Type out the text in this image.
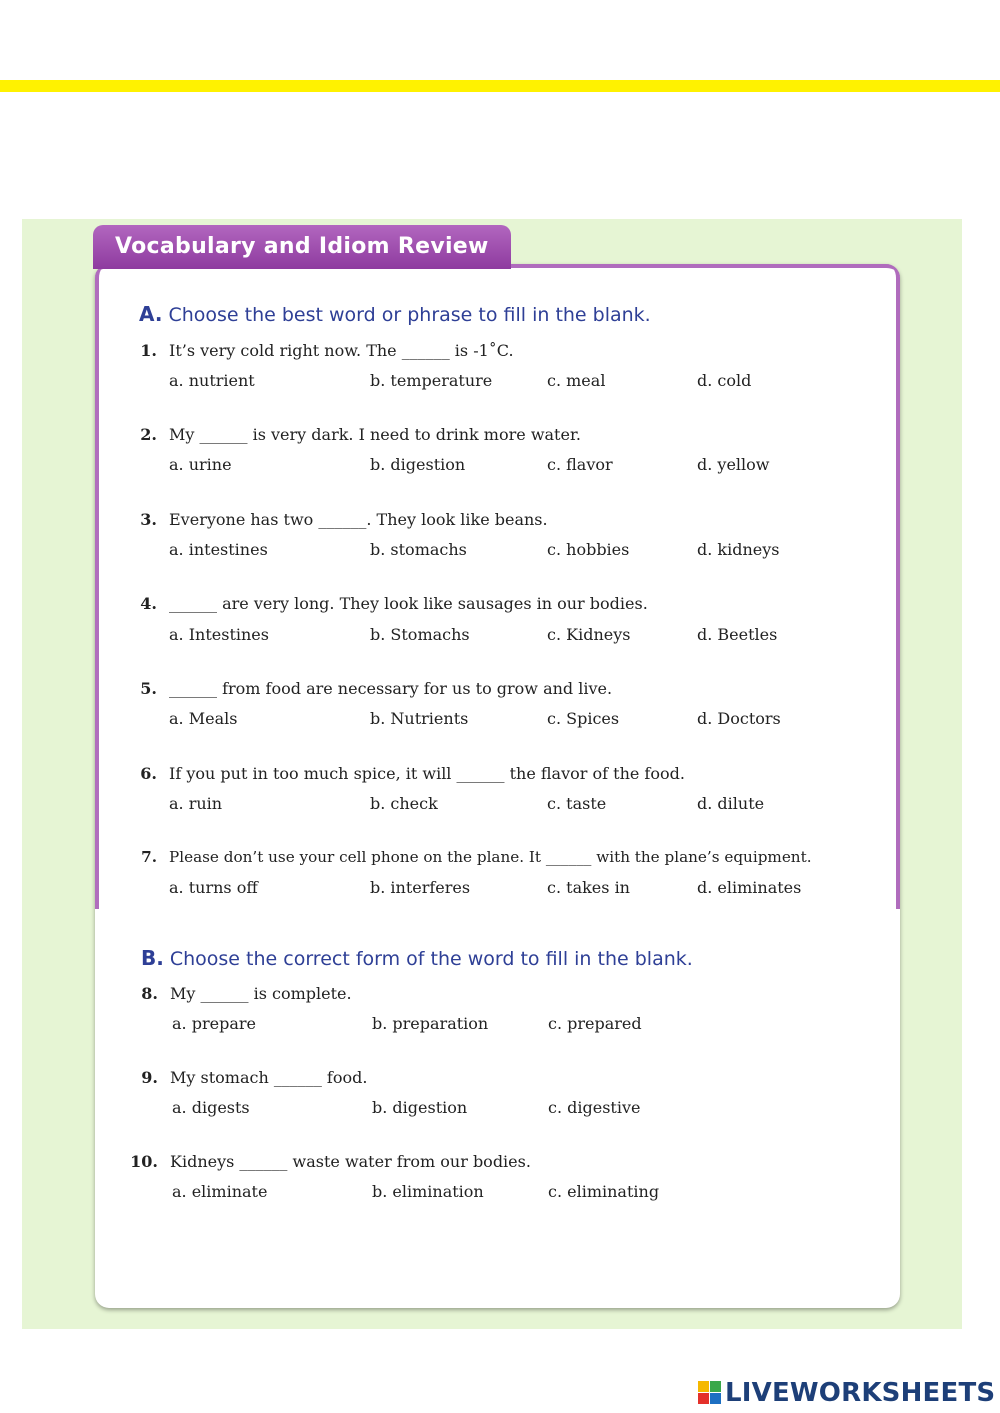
Vocabulary and Idiom Review
A. Choose the best word or phrase to fill in the blank.
1. It’s very cold right now. The ______ is -1˚C.
a. nutrient	b. temperature	c. meal	d. cold
2. My ______ is very dark. I need to drink more water.
a. urine	b. digestion	c. flavor	d. yellow
3. Everyone has two ______. They look like beans.
a. intestines	b. stomachs	c. hobbies	d. kidneys
4. ______ are very long. They look like sausages in our bodies.
a. Intestines	b. Stomachs	c. Kidneys	d. Beetles
5. ______ from food are necessary for us to grow and live.
a. Meals	b. Nutrients	c. Spices	d. Doctors
6. If you put in too much spice, it will ______ the flavor of the food.
a. ruin	b. check	c. taste	d. dilute
7. Please don’t use your cell phone on the plane. It ______ with the plane’s equipment.
a. turns off	b. interferes	c. takes in	d. eliminates
B. Choose the correct form of the word to fill in the blank.
8. My ______ is complete.
a. prepare	b. preparation	c. prepared
9. My stomach ______ food.
a. digests	b. digestion	c. digestive
10. Kidneys ______ waste water from our bodies.
a. eliminate	b. elimination	c. eliminating
LIVEWORKSHEETS
